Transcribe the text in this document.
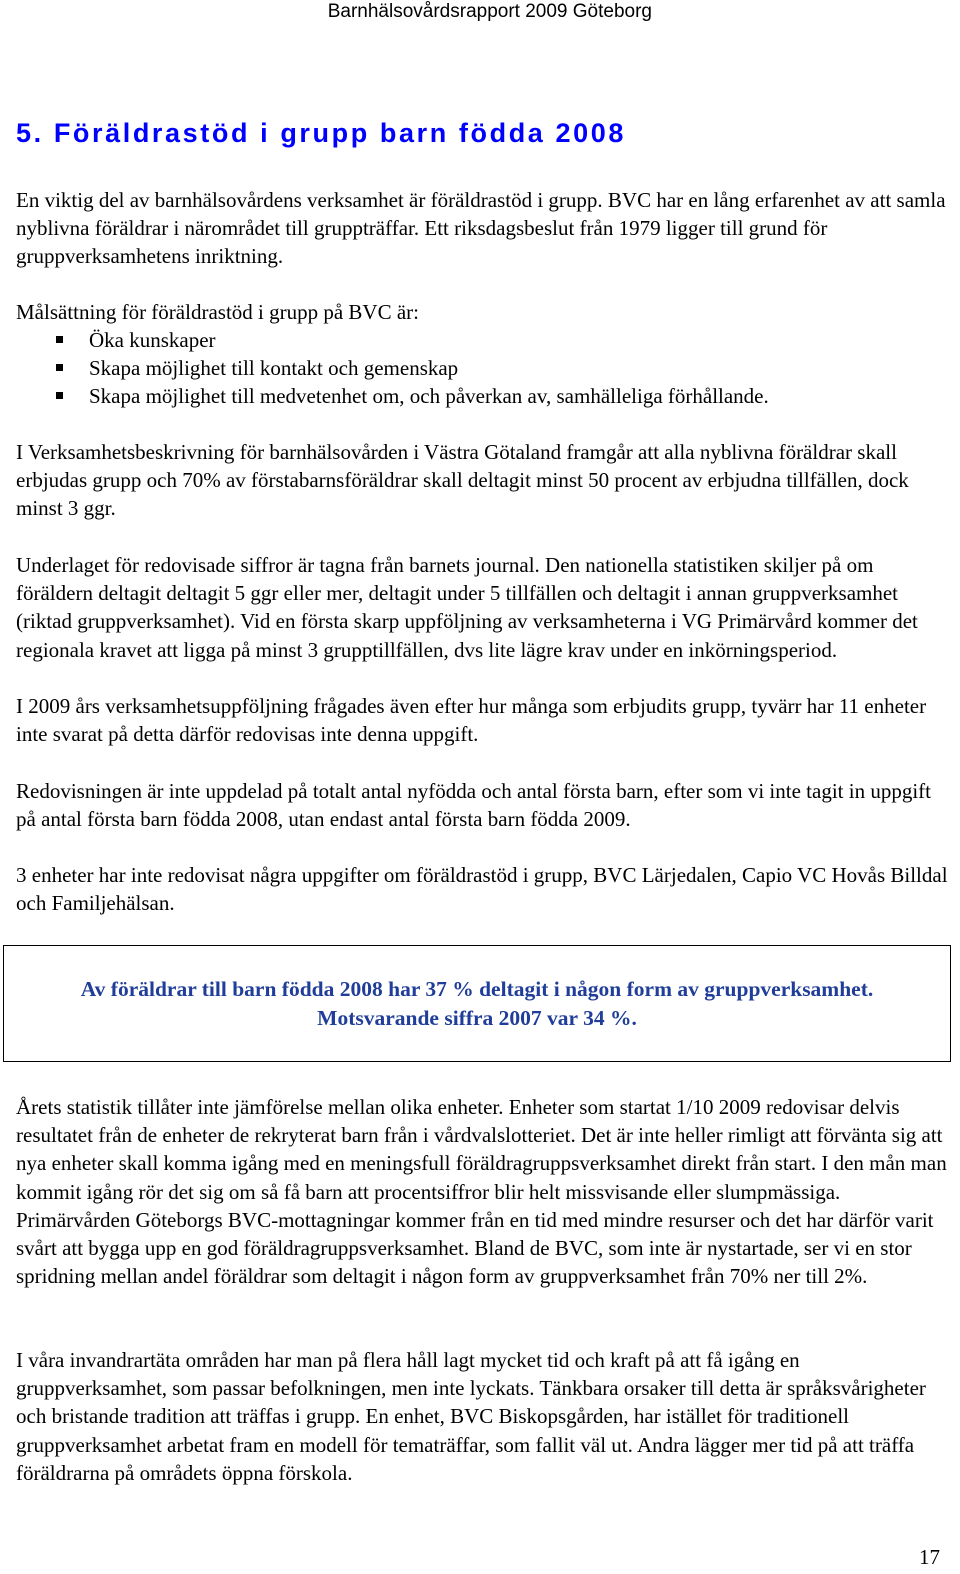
Barnhälsovårdsrapport 2009 Göteborg
5. Föräldrastöd i grupp barn födda 2008

En viktig del av barnhälsovårdens verksamhet är föräldrastöd i grupp. BVC har en lång erfarenhet av att samla nyblivna föräldrar i närområdet till gruppträffar. Ett riksdagsbeslut från 1979 ligger till grund för gruppverksamhetens inriktning.

Målsättning för föräldrastöd i grupp på BVC är:

Öka kunskaper
Skapa möjlighet till kontakt och gemenskap
Skapa möjlighet till medvetenhet om, och påverkan av, samhälleliga förhållande.

I Verksamhetsbeskrivning för barnhälsovården i Västra Götaland framgår att alla nyblivna föräldrar skall erbjudas grupp och 70% av förstabarnsföräldrar skall deltagit minst 50 procent av erbjudna tillfällen, dock minst 3 ggr.

Underlaget för redovisade siffror är tagna från barnets journal. Den nationella statistiken skiljer på om föräldern deltagit deltagit 5 ggr eller mer, deltagit under 5 tillfällen och deltagit i annan gruppverksamhet (riktad gruppverksamhet). Vid en första skarp uppföljning av verksamheterna i VG Primärvård kommer det regionala kravet att ligga på minst 3 grupptillfällen, dvs lite lägre krav under en inkörningsperiod.

I 2009 års verksamhetsuppföljning frågades även efter hur många som erbjudits grupp, tyvärr har 11 enheter inte svarat på detta därför redovisas inte denna uppgift.

Redovisningen är inte uppdelad på totalt antal nyfödda och antal första barn, efter som vi inte tagit in uppgift på antal första barn födda 2008, utan endast antal första barn födda 2009.

3 enheter har inte redovisat några uppgifter om föräldrastöd i grupp, BVC Lärjedalen, Capio VC Hovås Billdal och Familjehälsan.

Årets statistik tillåter inte jämförelse mellan olika enheter. Enheter som startat 1/10 2009 redovisar delvis resultatet från de enheter de rekryterat barn från i vårdvalslotteriet. Det är inte heller rimligt att förvänta sig att nya enheter skall komma igång med en meningsfull föräldragruppsverksamhet direkt från start. I den mån man kommit igång rör det sig om så få barn att procentsiffror blir helt missvisande eller slumpmässiga. Primärvården Göteborgs BVC-mottagningar kommer från en tid med mindre resurser och det har därför varit svårt att bygga upp en god föräldragruppsverksamhet. Bland de BVC, som inte är nystartade, ser vi en stor spridning mellan andel föräldrar som deltagit i någon form av gruppverksamhet från 70% ner till 2%.

I våra invandrartäta områden har man på flera håll lagt mycket tid och kraft på att få igång en gruppverksamhet, som passar befolkningen, men inte lyckats. Tänkbara orsaker till detta är språksvårigheter och bristande tradition att träffas i grupp. En enhet, BVC Biskopsgården, har istället för traditionell gruppverksamhet arbetat fram en modell för tematräffar, som fallit väl ut. Andra lägger mer tid på att träffa föräldrarna på områdets öppna förskola.

Av föräldrar till barn födda 2008 har 37 % deltagit i någon form av gruppverksamhet.

Motsvarande siffra 2007 var 34 %.

17
